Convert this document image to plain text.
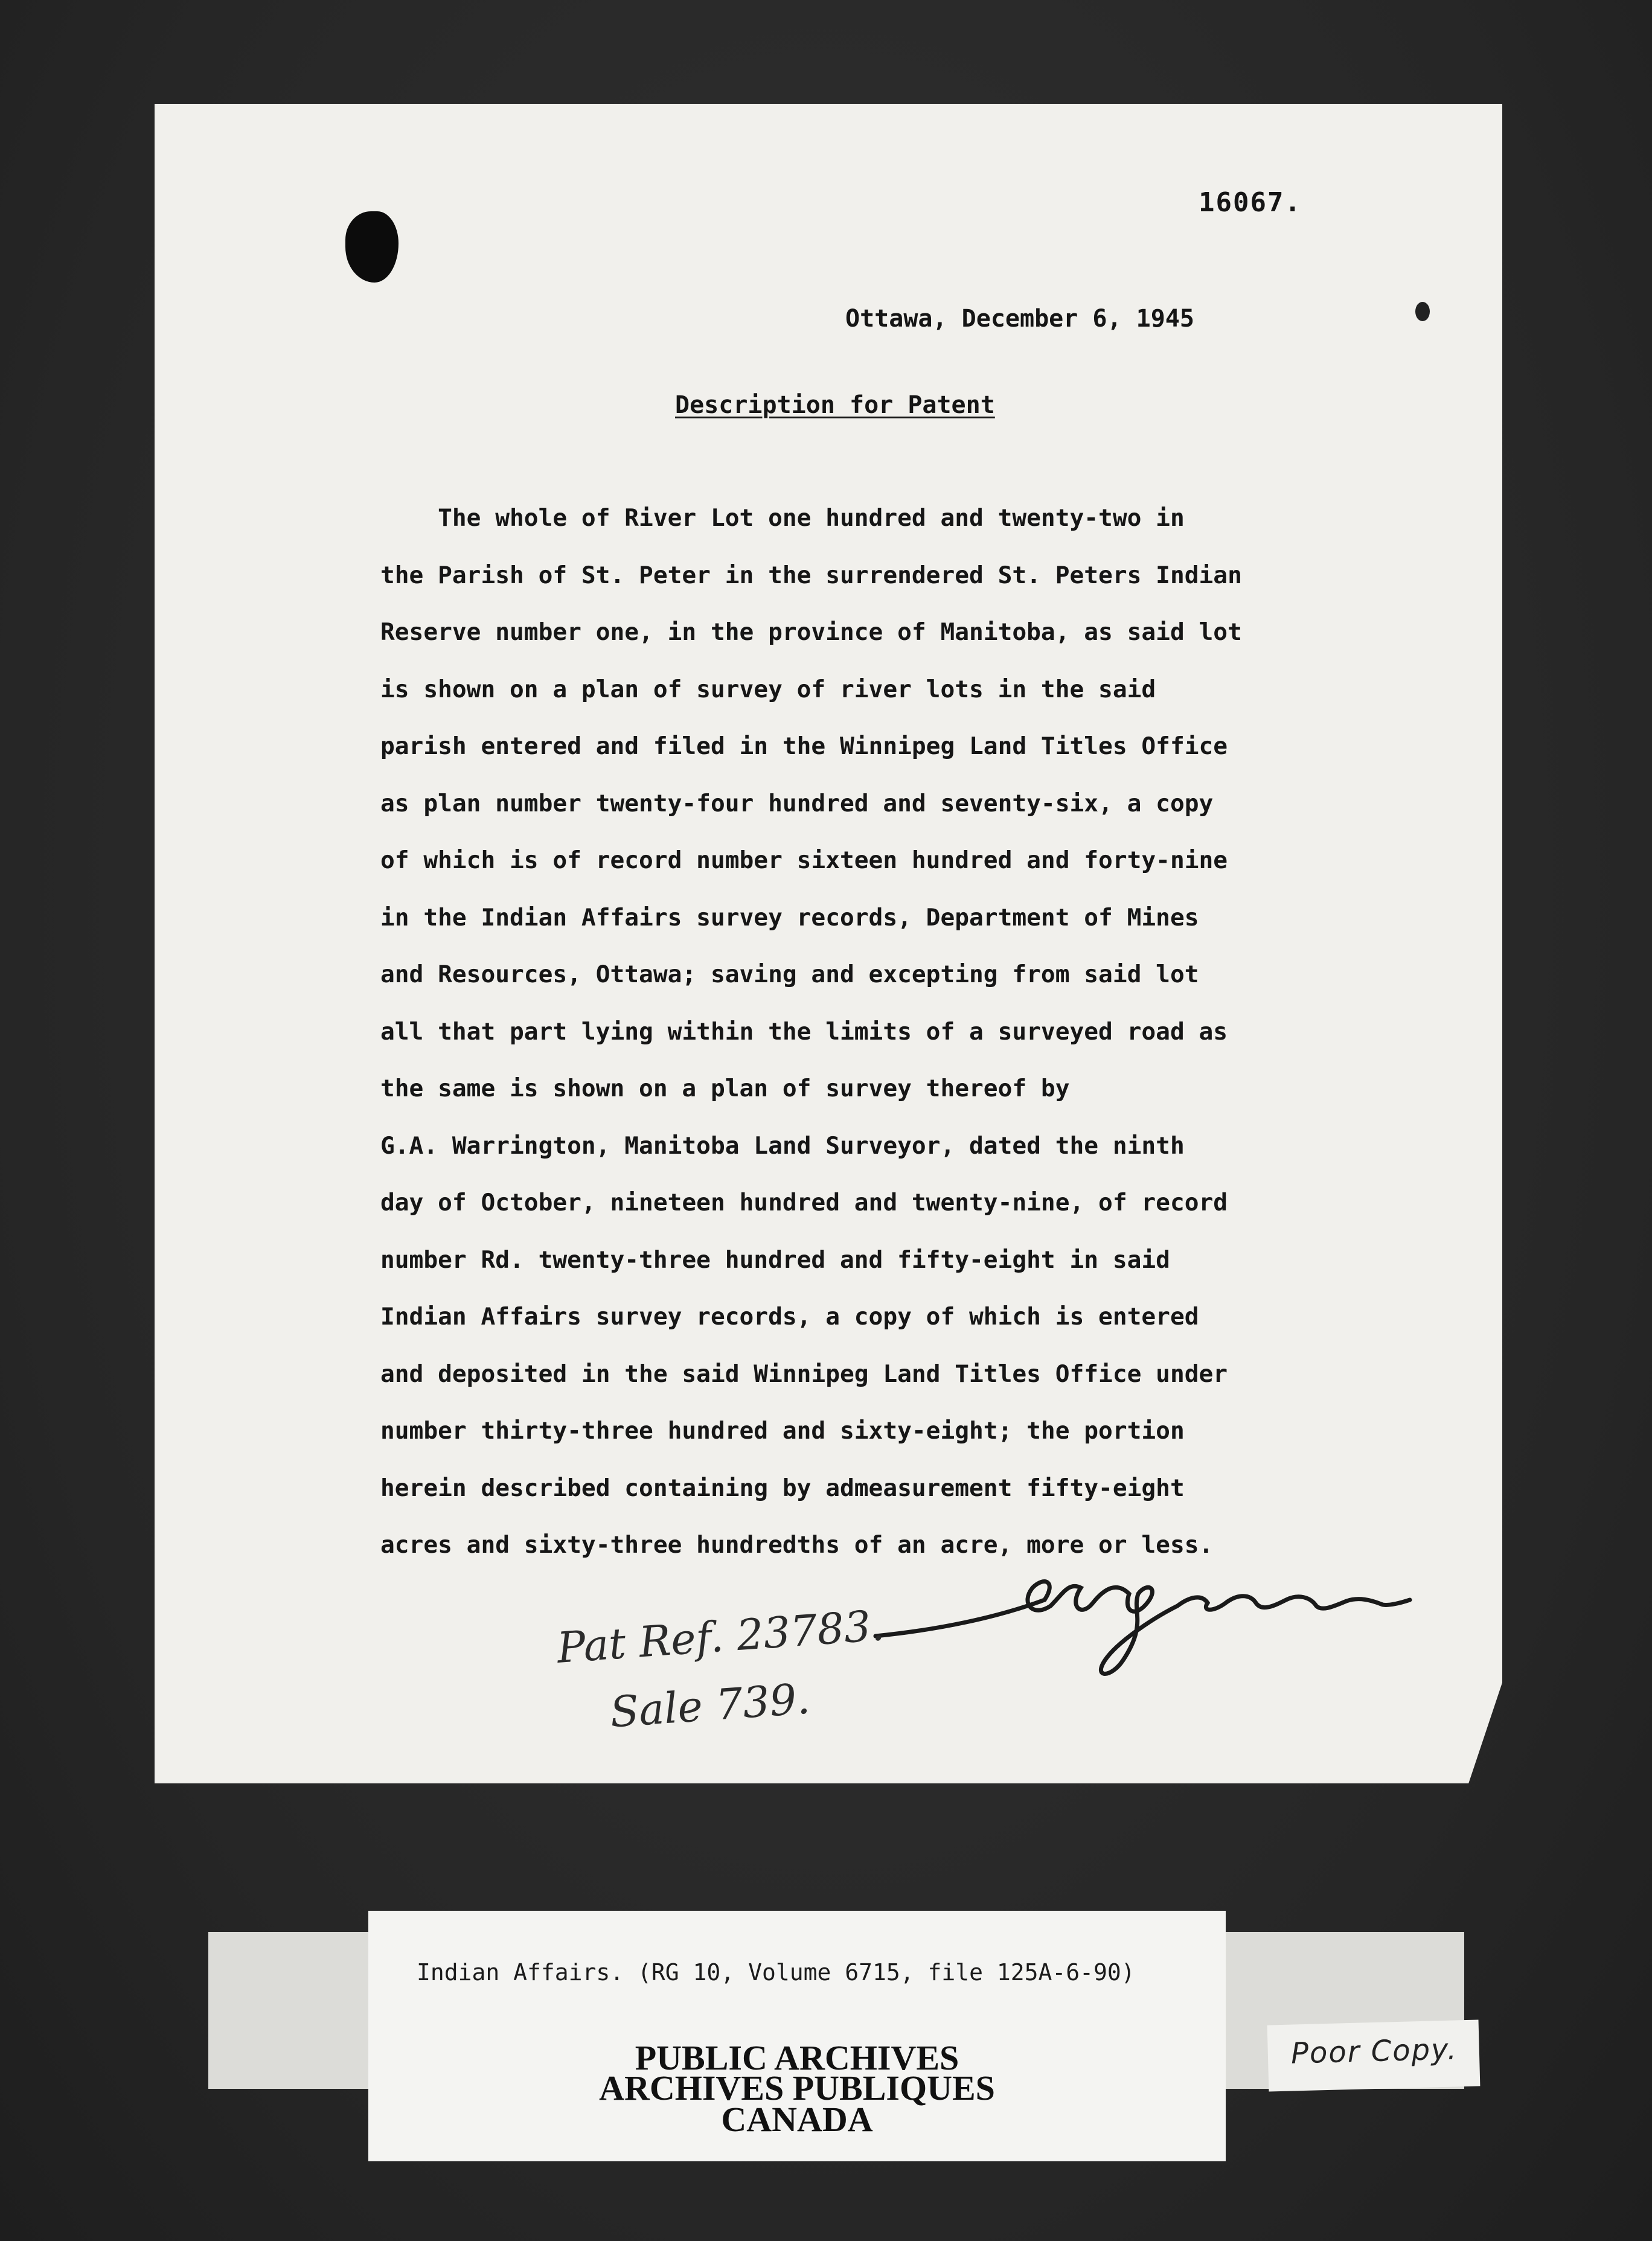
16067.
Ottawa, December 6, 1945
Description for Patent
The whole of River Lot one hundred and twenty-two in
the Parish of St. Peter in the surrendered St. Peters Indian
Reserve number one, in the province of Manitoba, as said lot
is shown on a plan of survey of river lots in the said
parish entered and filed in the Winnipeg Land Titles Office
as plan number twenty-four hundred and seventy-six, a copy
of which is of record number sixteen hundred and forty-nine
in the Indian Affairs survey records, Department of Mines
and Resources, Ottawa; saving and excepting from said lot
all that part lying within the limits of a surveyed road as
the same is shown on a plan of survey thereof by
G.A. Warrington, Manitoba Land Surveyor, dated the ninth
day of October, nineteen hundred and twenty-nine, of record
number Rd. twenty-three hundred and fifty-eight in said
Indian Affairs survey records, a copy of which is entered
and deposited in the said Winnipeg Land Titles Office under
number thirty-three hundred and sixty-eight; the portion
herein described containing by admeasurement fifty-eight
acres and sixty-three hundredths of an acre, more or less.
Pat Ref. 23783.
Sale 739.
Indian Affairs. (RG 10, Volume 6715, file 125A-6-90)
PUBLIC ARCHIVES
ARCHIVES PUBLIQUES
CANADA
Poor Copy.
